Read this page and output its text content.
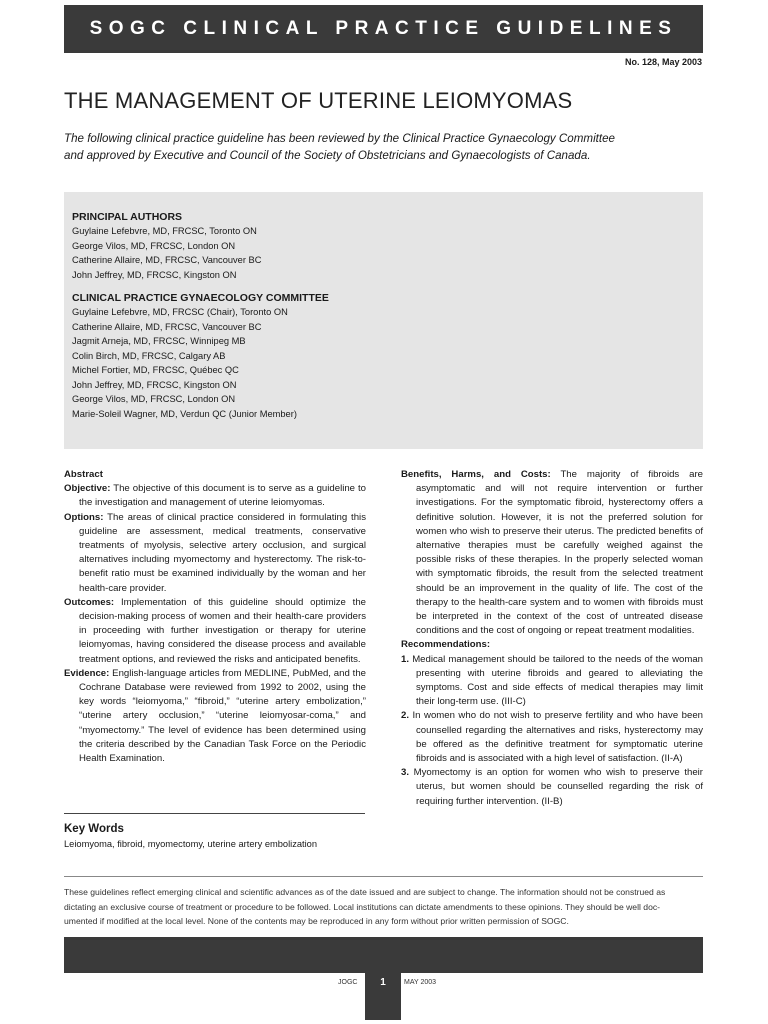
SOGC CLINICAL PRACTICE GUIDELINES
No. 128, May 2003
THE MANAGEMENT OF UTERINE LEIOMYOMAS

The following clinical practice guideline has been reviewed by the Clinical Practice Gynaecology Committee

and approved by Executive and Council of the Society of Obstetricians and Gynaecologists of Canada.

PRINCIPAL AUTHORS
Guylaine Lefebvre, MD, FRCSC, Toronto ON
George Vilos, MD, FRCSC, London ON
Catherine Allaire, MD, FRCSC, Vancouver BC
John Jeffrey, MD, FRCSC, Kingston ON
CLINICAL PRACTICE GYNAECOLOGY COMMITTEE
Guylaine Lefebvre, MD, FRCSC (Chair), Toronto ON
Catherine Allaire, MD, FRCSC, Vancouver BC
Jagmit Arneja, MD, FRCSC, Winnipeg MB
Colin Birch, MD, FRCSC, Calgary AB
Michel Fortier, MD, FRCSC, Québec QC
John Jeffrey, MD, FRCSC, Kingston ON
George Vilos, MD, FRCSC, London ON
Marie-Soleil Wagner, MD, Verdun QC (Junior Member)

Abstract

Objective: The objective of this document is to serve as a guideline to the investigation and management of uterine leiomyomas.

Options: The areas of clinical practice considered in formulating this guideline are assessment, medical treatments, conservative treatments of myolysis, selective artery occlusion, and surgical alternatives including myomectomy and hysterectomy. The risk-to-benefit ratio must be examined individually by the woman and her health-care provider.

Outcomes: Implementation of this guideline should optimize the decision-making process of women and their health-care providers in proceeding with further investigation or therapy for uterine leiomyomas, having considered the disease process and available treatment options, and reviewed the risks and anticipated benefits.

Evidence: English-language articles from MEDLINE, PubMed, and the Cochrane Database were reviewed from 1992 to 2002, using the key words “leiomyoma,” “fibroid,” “uterine artery embolization,” “uterine artery occlusion,” “uterine leiomyosar-coma,” and “myomectomy.” The level of evidence has been determined using the criteria described by the Canadian Task Force on the Periodic Health Examination.

Benefits, Harms, and Costs: The majority of fibroids are asymptomatic and will not require intervention or further investigations. For the symptomatic fibroid, hysterectomy offers a definitive solution. However, it is not the preferred solution for women who wish to preserve their uterus. The predicted benefits of alternative therapies must be carefully weighed against the possible risks of these therapies. In the properly selected woman with symptomatic fibroids, the result from the selected treatment should be an improvement in the quality of life. The cost of the therapy to the health-care system and to women with fibroids must be interpreted in the context of the cost of untreated disease conditions and the cost of ongoing or repeat treatment modalities.

Recommendations:

1. Medical management should be tailored to the needs of the woman presenting with uterine fibroids and geared to alleviating the symptoms. Cost and side effects of medical therapies may limit their long-term use. (III-C)

2. In women who do not wish to preserve fertility and who have been counselled regarding the alternatives and risks, hysterectomy may be offered as the definitive treatment for symptomatic uterine fibroids and is associated with a high level of satisfaction. (II-A)

3. Myomectomy is an option for women who wish to preserve their uterus, but women should be counselled regarding the risk of requiring further intervention. (II-B)

Key Words
Leiomyoma, fibroid, myomectomy, uterine artery embolization

These guidelines reflect emerging clinical and scientific advances as of the date issued and are subject to change. The information should not be construed as

dictating an exclusive course of treatment or procedure to be followed. Local institutions can dictate amendments to these opinions. They should be well doc-

umented if modified at the local level. None of the contents may be reproduced in any form without prior written permission of SOGC.

JOGC	1	MAY 2003
